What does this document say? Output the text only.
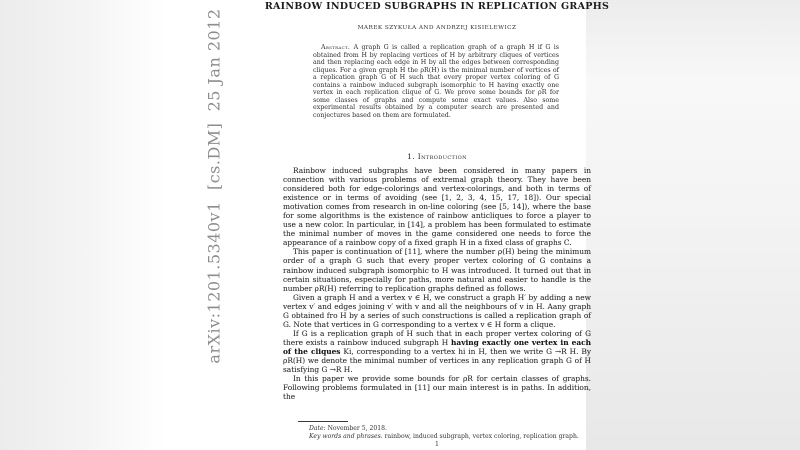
arXiv:1201.5340v1  [cs.DM]  25 Jan 2012
RAINBOW INDUCED SUBGRAPHS IN REPLICATION GRAPHS
MAREK SZYKUŁA AND ANDRZEJ KISIELEWICZ

Abstract. A graph G is called a replication graph of a graph H if G is obtained from H by replacing vertices of H by arbitrary cliques of vertices and then replacing each edge in H by all the edges between corresponding cliques. For a given graph H the ρR(H) is the minimal number of vertices of a replication graph G of H such that every proper vertex coloring of G contains a rainbow induced subgraph isomorphic to H having exactly one vertex in each replication clique of G. We prove some bounds for ρR for some classes of graphs and compute some exact values. Also some experimental results obtained by a computer search are presented and conjectures based on them are formulated.

1. Introduction

Rainbow induced subgraphs have been considered in many papers in connection with various problems of extremal graph theory. They have been considered both for edge-colorings and vertex-colorings, and both in terms of existence or in terms of avoiding (see [1, 2, 3, 4, 15, 17, 18]). Our special motivation comes from research in on-line coloring (see [5, 14]), where the base for some algorithms is the existence of rainbow anticliques to force a player to use a new color. In particular, in [14], a problem has been formulated to estimate the minimal number of moves in the game considered one needs to force the appearance of a rainbow copy of a fixed graph H in a fixed class of graphs C.

This paper is continuation of [11], where the number ρ(H) being the minimum order of a graph G such that every proper vertex coloring of G contains a rainbow induced subgraph isomorphic to H was introduced. It turned out that in certain situations, especially for paths, more natural and easier to handle is the number ρR(H) referring to replication graphs defined as follows.

Given a graph H and a vertex v ∈ H, we construct a graph H′ by adding a new vertex v′ and edges joining v′ with v and all the neighbours of v in H. Aany graph G obtained fro H by a series of such constructions is called a replication graph of G. Note that vertices in G corresponding to a vertex v ∈ H form a clique.

If G is a replication graph of H such that in each proper vertex coloring of G there exists a rainbow induced subgraph H having exactly one vertex in each of the cliques Ki, corresponding to a vertex hi in H, then we write G →R H. By ρR(H) we denote the minimal number of vertices in any replication graph G of H satisfying G →R H.

In this paper we provide some bounds for ρR for certain classes of graphs. Following problems formulated in [11] our main interest is in paths. In addition, the

Date: November 5, 2018.
Key words and phrases. rainbow, induced subgraph, vertex coloring, replication graph.
1
